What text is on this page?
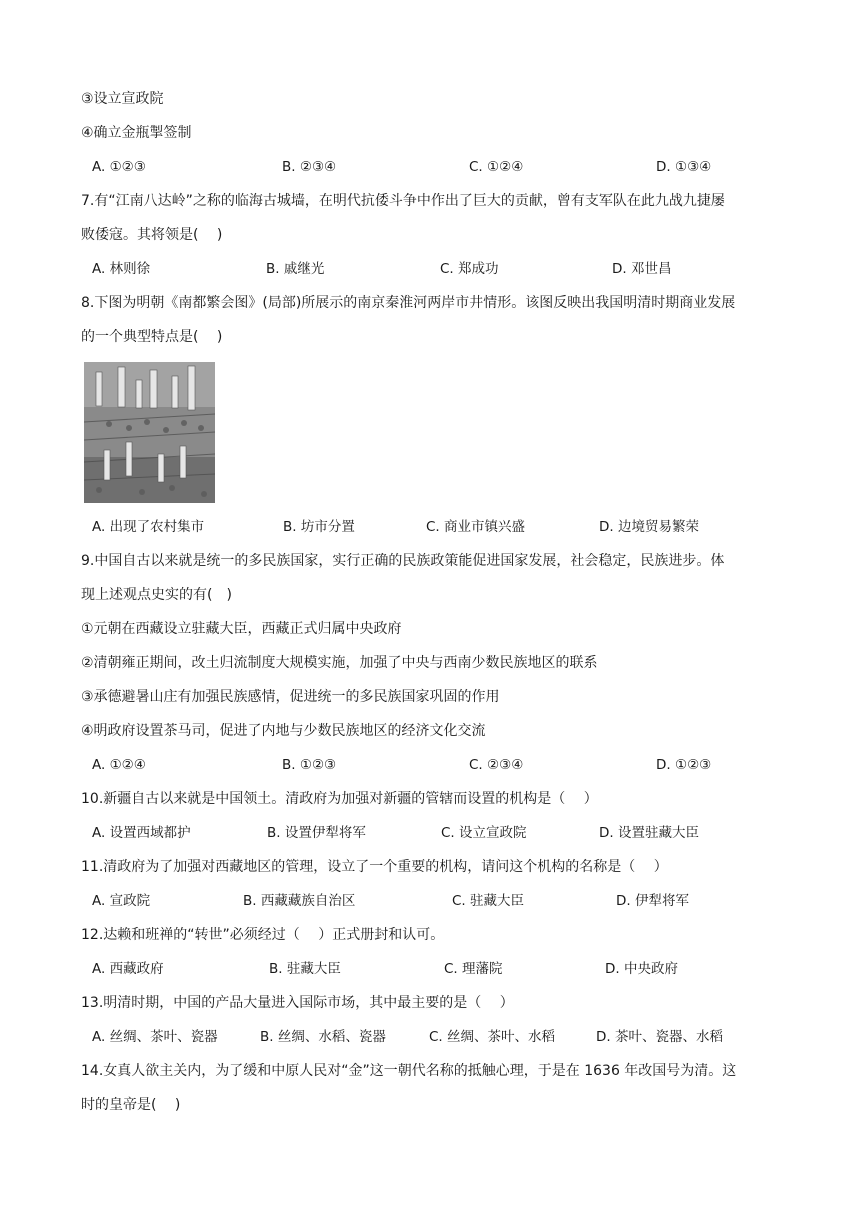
③设立宣政院
④确立金瓶掣签制
A. ①②③	B. ②③④	C. ①②④	D. ①③④
7.有“江南八达岭”之称的临海古城墙，在明代抗倭斗争中作出了巨大的贡献，曾有支军队在此九战九捷屡
败倭寇。其将领是(　 )
A. 林则徐	B. 戚继光	C. 郑成功	D. 邓世昌
8.下图为明朝《南都繁会图》(局部)所展示的南京秦淮河两岸市井情形。该图反映出我国明清时期商业发展
的一个典型特点是(　 )
A. 出现了农村集市	B. 坊市分置	C. 商业市镇兴盛	D. 边境贸易繁荣
9.中国自古以来就是统一的多民族国家，实行正确的民族政策能促进国家发展，社会稳定，民族进步。体
现上述观点史实的有(　)
①元朝在西藏设立驻藏大臣，西藏正式归属中央政府
②清朝雍正期间，改土归流制度大规模实施，加强了中央与西南少数民族地区的联系
③承德避暑山庄有加强民族感情，促进统一的多民族国家巩固的作用
④明政府设置茶马司，促进了内地与少数民族地区的经济文化交流
A. ①②④	B. ①②③	C. ②③④	D. ①②③
10.新疆自古以来就是中国领土。清政府为加强对新疆的管辖而设置的机构是（　 ）
A. 设置西域都护	B. 设置伊犁将军	C. 设立宣政院	D. 设置驻藏大臣
11.清政府为了加强对西藏地区的管理，设立了一个重要的机构，请问这个机构的名称是（　 ）
A. 宣政院	B. 西藏藏族自治区	C. 驻藏大臣	D. 伊犁将军
12.达赖和班禅的“转世”必须经过（　 ）正式册封和认可。
A. 西藏政府	B. 驻藏大臣	C. 理藩院	D. 中央政府
13.明清时期，中国的产品大量进入国际市场，其中最主要的是（　 ）
A. 丝绸、茶叶、瓷器	B. 丝绸、水稻、瓷器	C. 丝绸、茶叶、水稻	D. 茶叶、瓷器、水稻
14.女真人欲主关内，为了缓和中原人民对“金”这一朝代名称的抵触心理，于是在 1636 年改国号为清。这
时的皇帝是(　 )
